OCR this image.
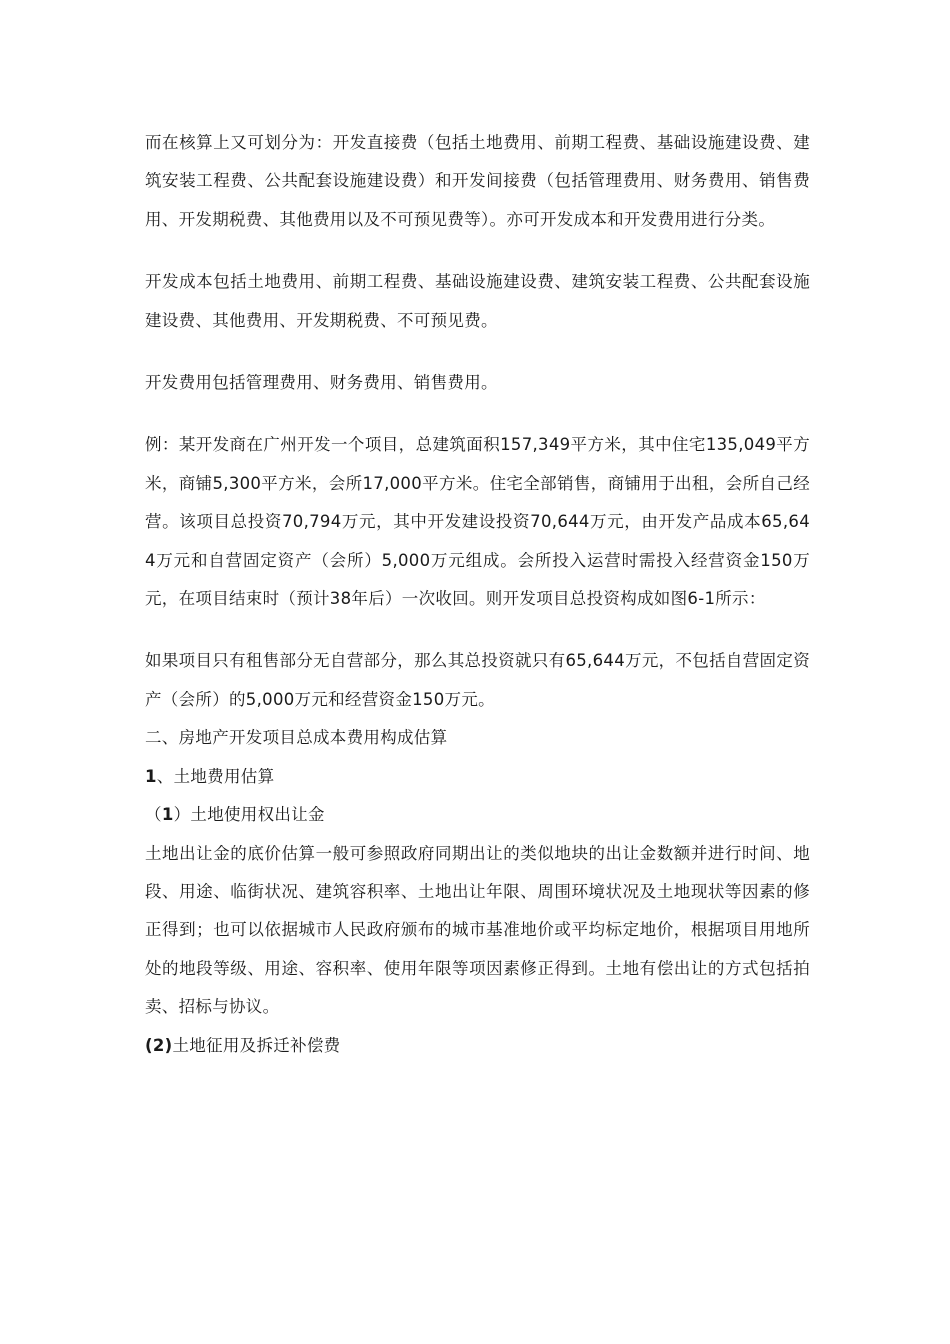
而在核算上又可划分为：开发直接费（包括土地费用、前期工程费、基础设施建设费、建筑安装工程费、公共配套设施建设费）和开发间接费（包括管理费用、财务费用、销售费用、开发期税费、其他费用以及不可预见费等）。亦可开发成本和开发费用进行分类。

开发成本包括土地费用、前期工程费、基础设施建设费、建筑安装工程费、公共配套设施建设费、其他费用、开发期税费、不可预见费。

开发费用包括管理费用、财务费用、销售费用。

例：某开发商在广州开发一个项目，总建筑面积157,349平方米，其中住宅135,049平方米，商铺5,300平方米，会所17,000平方米。住宅全部销售，商铺用于出租，会所自己经营。该项目总投资70,794万元，其中开发建设投资70,644万元，由开发产品成本65,644万元和自营固定资产（会所）5,000万元组成。会所投入运营时需投入经营资金150万元，在项目结束时（预计38年后）一次收回。则开发项目总投资构成如图6-1所示：

如果项目只有租售部分无自营部分，那么其总投资就只有65,644万元，不包括自营固定资产（会所）的5,000万元和经营资金150万元。

二、房地产开发项目总成本费用构成估算

1、土地费用估算

（1）土地使用权出让金

土地出让金的底价估算一般可参照政府同期出让的类似地块的出让金数额并进行时间、地段、用途、临街状况、建筑容积率、土地出让年限、周围环境状况及土地现状等因素的修正得到；也可以依据城市人民政府颁布的城市基准地价或平均标定地价，根据项目用地所处的地段等级、用途、容积率、使用年限等项因素修正得到。土地有偿出让的方式包括拍卖、招标与协议。

(2)土地征用及拆迁补偿费
